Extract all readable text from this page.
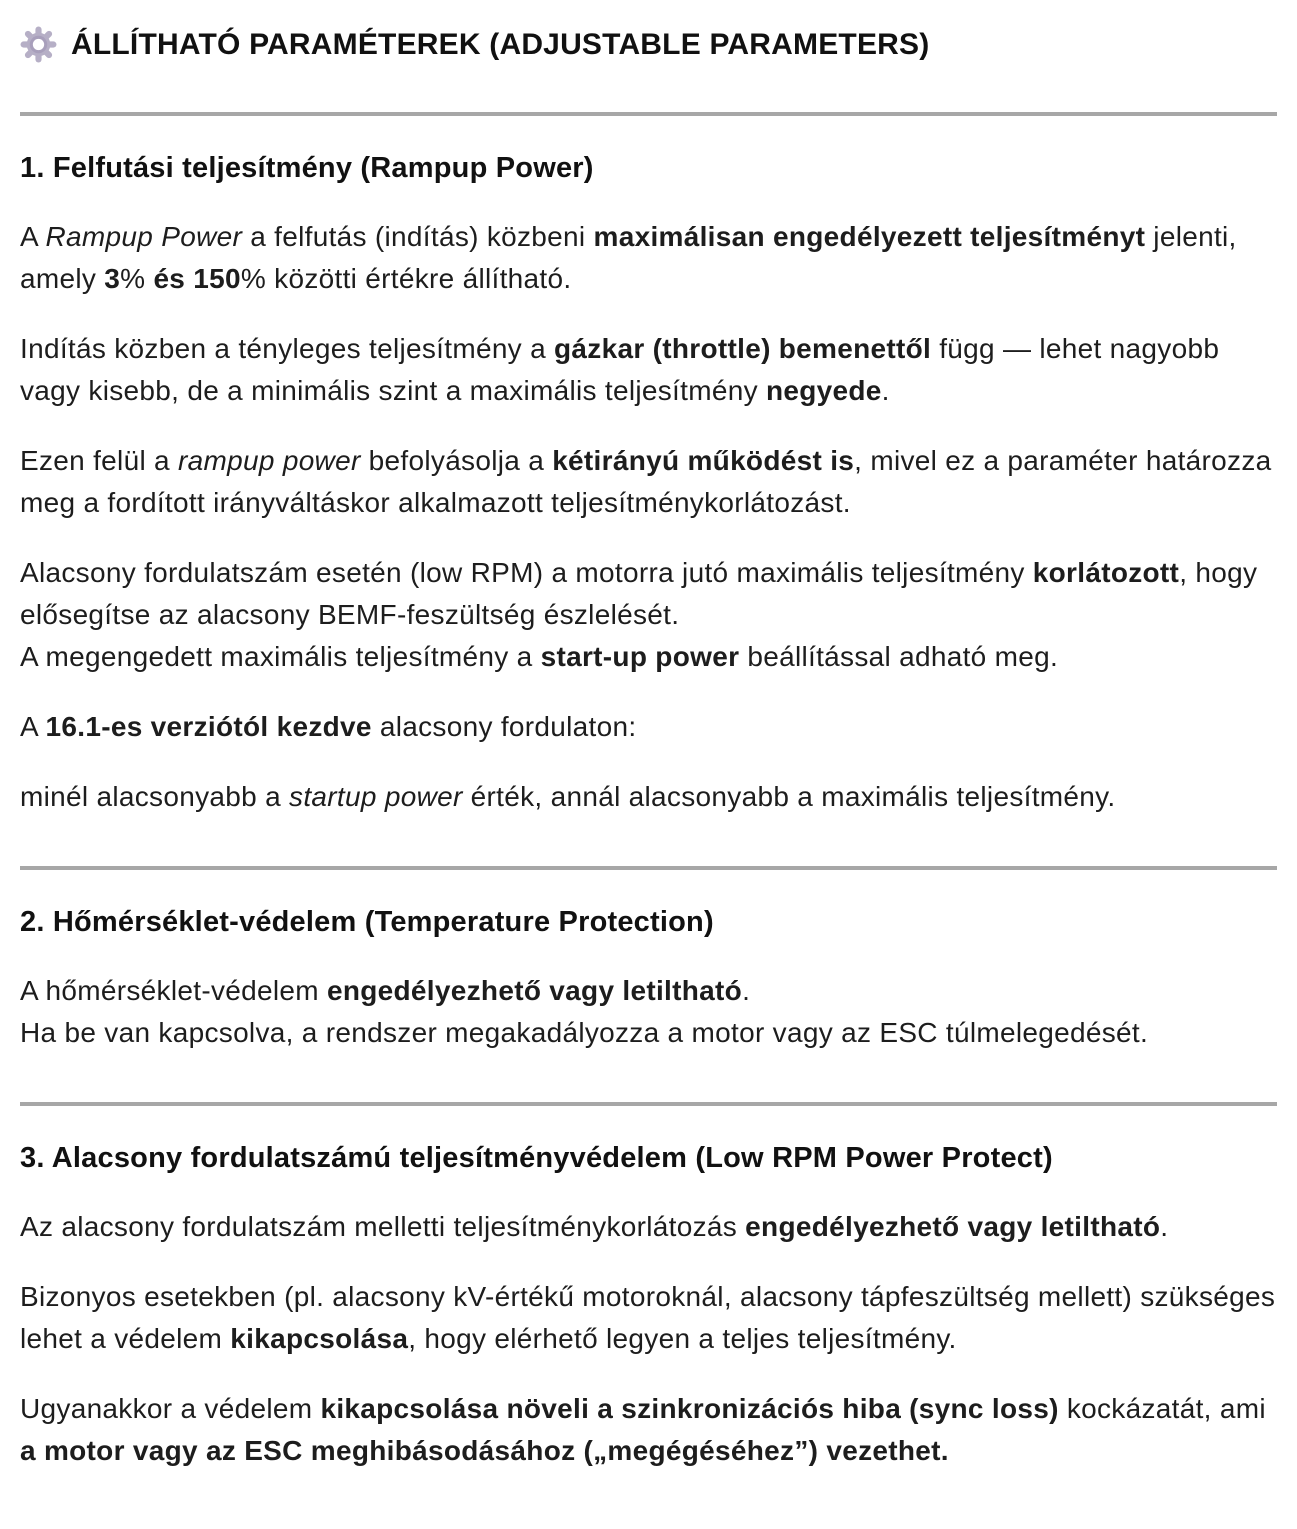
ÁLLÍTHATÓ PARAMÉTEREK (ADJUSTABLE PARAMETERS)
1. Felfutási teljesítmény (Rampup Power)

A Rampup Power a felfutás (indítás) közbeni maximálisan engedélyezett teljesítményt jelenti, amely 3% és 150% közötti értékre állítható.

Indítás közben a tényleges teljesítmény a gázkar (throttle) bemenettől függ — lehet nagyobb vagy kisebb, de a minimális szint a maximális teljesítmény negyede.

Ezen felül a rampup power befolyásolja a kétirányú működést is, mivel ez a paraméter határozza meg a fordított irányváltáskor alkalmazott teljesítménykorlátozást.

Alacsony fordulatszám esetén (low RPM) a motorra jutó maximális teljesítmény korlátozott, hogy elősegítse az alacsony BEMF-feszültség észlelését.
A megengedett maximális teljesítmény a start-up power beállítással adható meg.

A 16.1-es verziótól kezdve alacsony fordulaton:

minél alacsonyabb a startup power érték, annál alacsonyabb a maximális teljesítmény.

2. Hőmérséklet-védelem (Temperature Protection)

A hőmérséklet-védelem engedélyezhető vagy letiltható.
Ha be van kapcsolva, a rendszer megakadályozza a motor vagy az ESC túlmelegedését.

3. Alacsony fordulatszámú teljesítményvédelem (Low RPM Power Protect)

Az alacsony fordulatszám melletti teljesítménykorlátozás engedélyezhető vagy letiltható.

Bizonyos esetekben (pl. alacsony kV-értékű motoroknál, alacsony tápfeszültség mellett) szükséges lehet a védelem kikapcsolása, hogy elérhető legyen a teljes teljesítmény.

Ugyanakkor a védelem kikapcsolása növeli a szinkronizációs hiba (sync loss) kockázatát, ami a motor vagy az ESC meghibásodásához („megégéséhez”) vezethet.
